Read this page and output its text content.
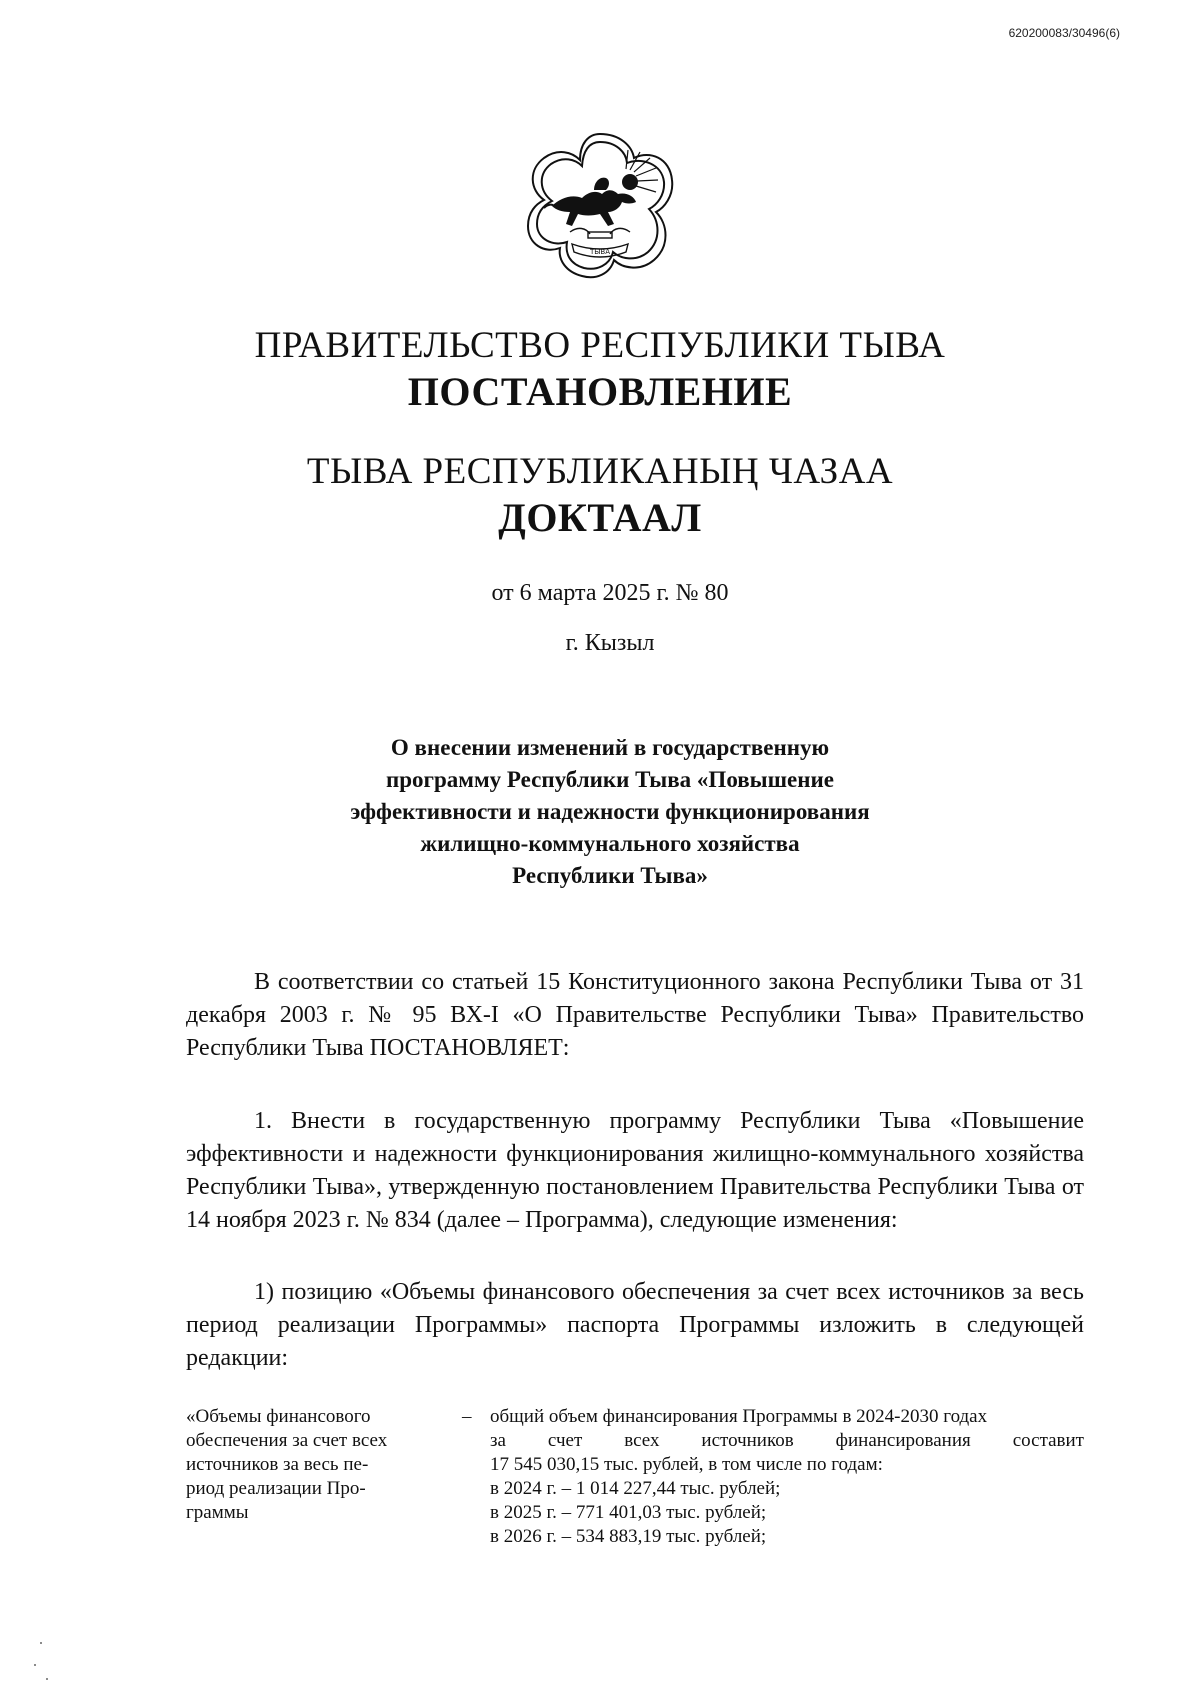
620200083/30496(6)
ТЫВА
ПРАВИТЕЛЬСТВО РЕСПУБЛИКИ ТЫВА
ПОСТАНОВЛЕНИЕ
ТЫВА РЕСПУБЛИКАНЫҢ ЧАЗАА
ДОКТААЛ
от 6 марта 2025 г. № 80
г. Кызыл
О внесении изменений в государственную
программу Республики Тыва «Повышение
эффективности и надежности функционирования
жилищно-коммунального хозяйства
Республики Тыва»
В соответствии со статьей 15 Конституционного закона Республики Тыва от 31 декабря 2003 г. № 95 ВХ-I «О Правительстве Республики Тыва» Правительство Республики Тыва ПОСТАНОВЛЯЕТ:
1. Внести в государственную программу Республики Тыва «Повышение эффективности и надежности функционирования жилищно-коммунального хозяйства Республики Тыва», утвержденную постановлением Правительства Республики Тыва от 14 ноября 2023 г. № 834 (далее – Программа), следующие изменения:
1) позицию «Объемы финансового обеспечения за счет всех источников за весь период реализации Программы» паспорта Программы изложить в следующей редакции:
«Объемы финансового
обеспечения за счет всех
источников за весь пе-
риод реализации Про-
граммы
– общий объем финансирования Программы в 2024-2030 годах
за счет всех источников финансирования составит
17 545 030,15 тыс. рублей, в том числе по годам:
в 2024 г. – 1 014 227,44 тыс. рублей;
в 2025 г. – 771 401,03 тыс. рублей;
в 2026 г. – 534 883,19 тыс. рублей;
